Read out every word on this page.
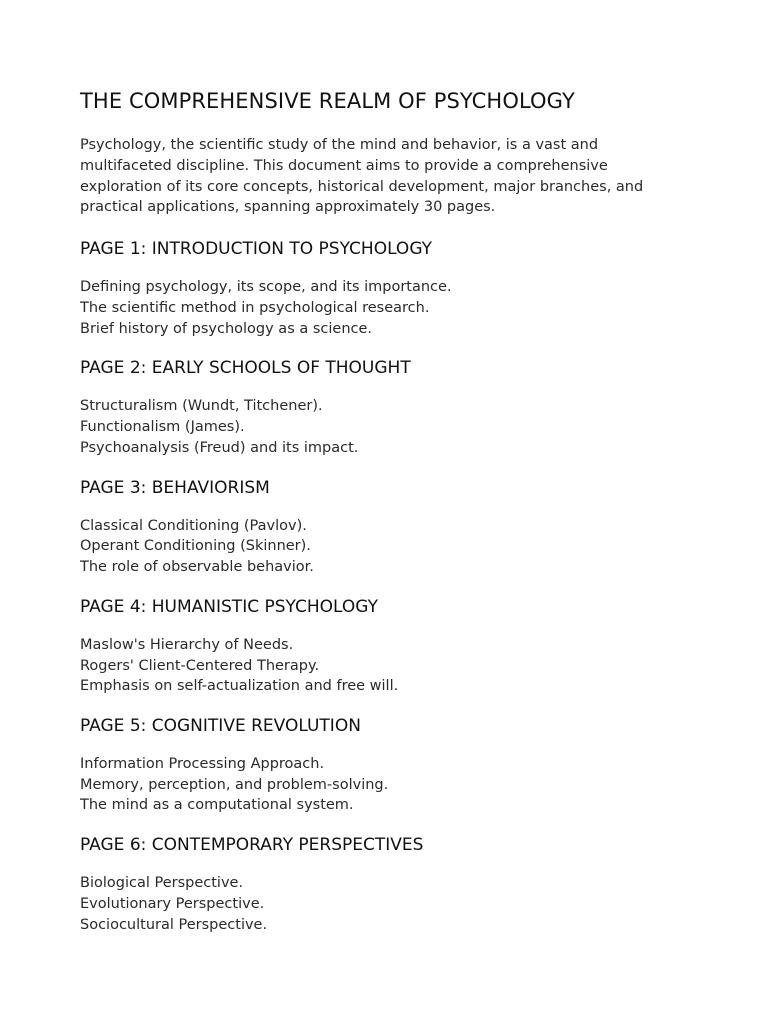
THE COMPREHENSIVE REALM OF PSYCHOLOGY

Psychology, the scientific study of the mind and behavior, is a vast and multifaceted discipline. This document aims to provide a comprehensive exploration of its core concepts, historical development, major branches, and practical applications, spanning approximately 30 pages.

PAGE 1: INTRODUCTION TO PSYCHOLOGY
Defining psychology, its scope, and its importance.
The scientific method in psychological research.
Brief history of psychology as a science.
PAGE 2: EARLY SCHOOLS OF THOUGHT
Structuralism (Wundt, Titchener).
Functionalism (James).
Psychoanalysis (Freud) and its impact.
PAGE 3: BEHAVIORISM
Classical Conditioning (Pavlov).
Operant Conditioning (Skinner).
The role of observable behavior.
PAGE 4: HUMANISTIC PSYCHOLOGY
Maslow's Hierarchy of Needs.
Rogers' Client-Centered Therapy.
Emphasis on self-actualization and free will.
PAGE 5: COGNITIVE REVOLUTION
Information Processing Approach.
Memory, perception, and problem-solving.
The mind as a computational system.
PAGE 6: CONTEMPORARY PERSPECTIVES
Biological Perspective.
Evolutionary Perspective.
Sociocultural Perspective.
